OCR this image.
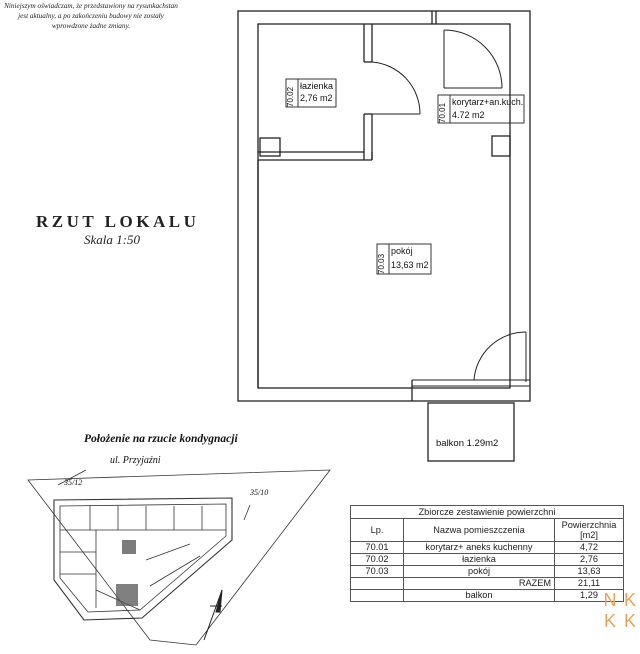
Niniejszym oświadczam, że przedstawiony na rysunkachstan jest aktualny, a po zakończeniu budowy nie zostały wprowdzone żadne zmiany.
RZUT LOKALU
Skala 1:50
łazienka
2,76 m2
70.02	korytarz+an.kuch.
4.72 m2
70.01
pokój
13,63 m2
70.03
balkon 1.29m2
Położenie na rzucie kondygnacji
ul. Przyjaźni
35/12
35/10
Zbiorcze zestawienie powierzchni		
Lp.	Nazwa pomieszczenia	Powierzchnia [m2]
70.01	korytarz+ aneks kuchenny	4,72
70.02	łazienka	2,76
70.03	pokój	13,63
	RAZEM	21,11
	balkon	1,29 N K
K K
